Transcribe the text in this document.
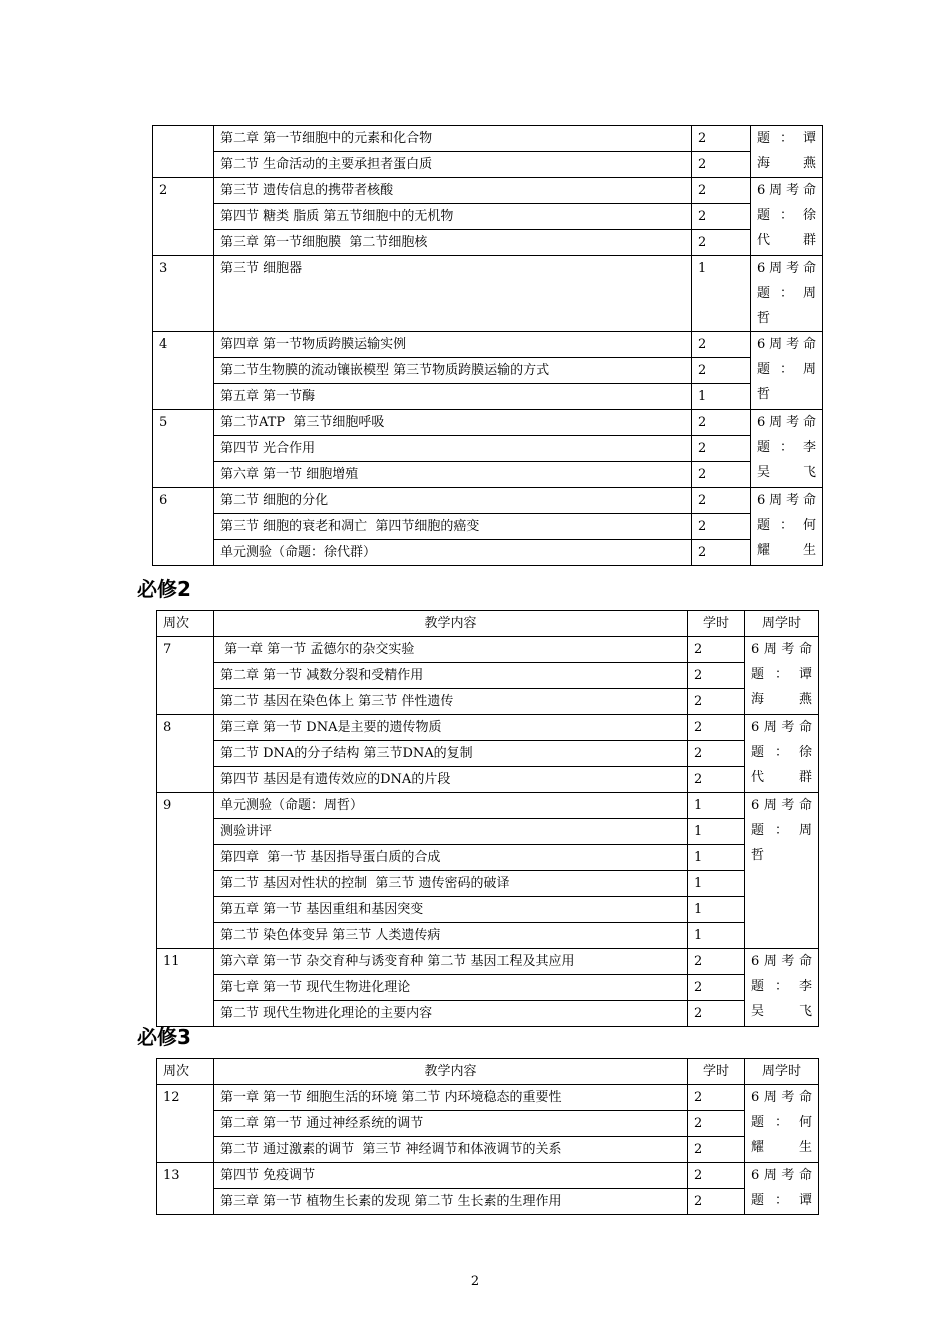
	第二章 第一节细胞中的元素和化合物	2	题 ： 谭
海燕

	第二节 生命活动的主要承担者蛋白质	2	
2	第三节 遗传信息的携带者核酸	2	6周考命
题 ： 徐
代群

	第四节 糖类 脂质 第五节细胞中的无机物	2	
	第三章 第一节细胞膜  第二节细胞核	2	
3	第三节 细胞器	1	6周考命
题 ： 周
哲

4	第四章 第一节物质跨膜运输实例	2	6周考命
题 ： 周
哲

	第二节生物膜的流动镶嵌模型 第三节物质跨膜运输的方式	2	
	第五章 第一节酶	1	
5	第二节ATP  第三节细胞呼吸	2	6周考命
题 ： 李
吴飞

	第四节 光合作用	2	
	第六章 第一节 细胞增殖	2	
6	第二节 细胞的分化	2	6周考命
题 ： 何
耀生

	第三节 细胞的衰老和凋亡  第四节细胞的癌变	2	
	单元测验（命题：徐代群）	2	
必修2
周次	教学内容	学时	周学时
7	第一章 第一节 孟德尔的杂交实验	2	6周考命
题 ： 谭
海燕

	第二章 第一节 减数分裂和受精作用	2	
	第二节 基因在染色体上 第三节 伴性遗传	2	
8	第三章 第一节 DNA是主要的遗传物质	2	6周考命
题 ： 徐
代群

	第二节 DNA的分子结构 第三节DNA的复制	2	
	第四节 基因是有遗传效应的DNA的片段	2	
9	单元测验（命题：周哲）	1	6周考命
题 ： 周
哲

	测验讲评	1	
	第四章  第一节 基因指导蛋白质的合成	1	
	第二节 基因对性状的控制  第三节 遗传密码的破译	1	
	第五章 第一节 基因重组和基因突变	1	
	第二节 染色体变异 第三节 人类遗传病	1	
11	第六章 第一节 杂交育种与诱变育种 第二节 基因工程及其应用	2	6周考命
题 ： 李
吴飞

	第七章 第一节 现代生物进化理论	2	
	第二节 现代生物进化理论的主要内容	2	
必修3
周次	教学内容	学时	周学时
12	第一章 第一节 细胞生活的环境 第二节 内环境稳态的重要性	2	6周考命
题 ： 何
耀生

	第二章 第一节 通过神经系统的调节	2	
	第二节 通过激素的调节  第三节 神经调节和体液调节的关系	2	
13	第四节 免疫调节	2	6周考命
题 ： 谭

	第三章 第一节 植物生长素的发现 第二节 生长素的生理作用	2	
2
